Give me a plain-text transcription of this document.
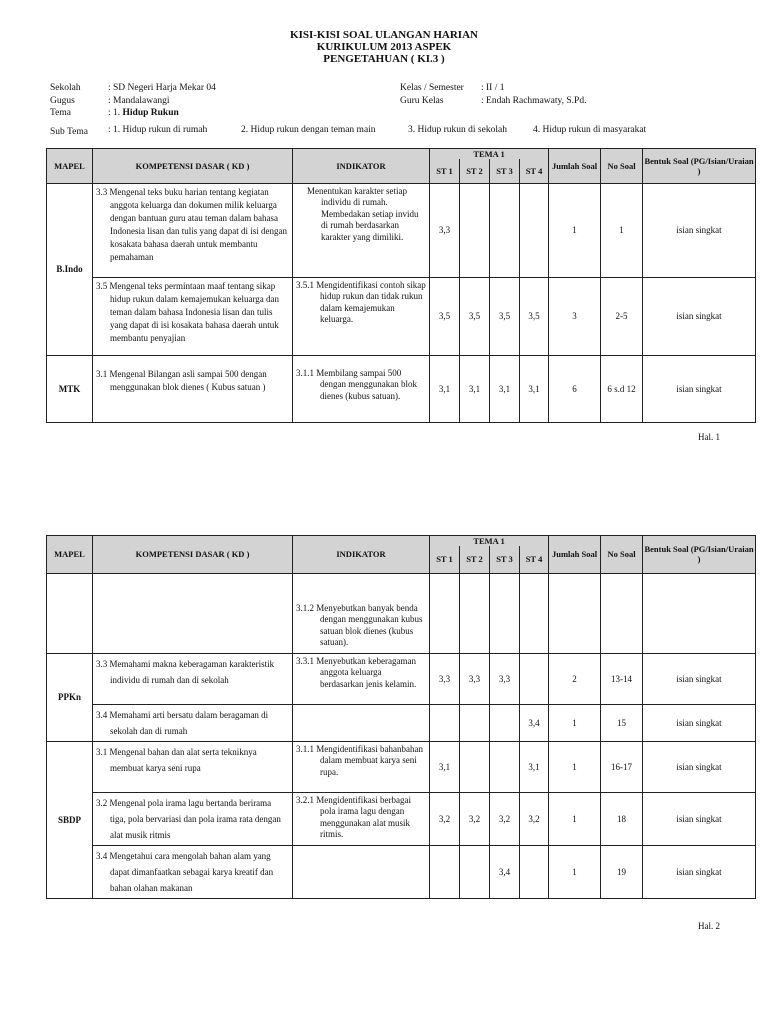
KISI-KISI SOAL ULANGAN HARIAN
KURIKULUM 2013 ASPEK
PENGETAHUAN ( KI.3 )
Sekolah	: SD Negeri Harja Mekar 04
Gugus	: Mandalawangi
Tema	: 1. Hidup Rukun
Kelas / Semester : II / 1
Guru Kelas	: Endah Rachmawaty, S.Pd.
Sub Tema : 1. Hidup rukun di rumah	2. Hidup rukun dengan teman main	3. Hidup rukun di sekolah	4. Hidup rukun di masyarakat
MAPEL	KOMPETENSI DASAR ( KD )	INDIKATOR	TEMA 1				Jumlah Soal	No Soal	Bentuk Soal (PG/Isian/Uraian )
			ST 1	ST 2	ST 3	ST 4			
B.Indo	3.3 Mengenal teks buku harian tentang kegiatan anggota keluarga dan dokumen milik keluarga dengan bantuan guru atau teman dalam bahasa Indonesia lisan dan tulis yang dapat di isi dengan kosakata bahasa daerah untuk membantu pemahaman	Menentukan karakter setiap individu di rumah. Membedakan setiap invidu di rumah berdasarkan karakter yang dimiliki.	3,3				1	1	isian singkat

	3.5 Mengenal teks permintaan maaf tentang sikap hidup rukun dalam kemajemukan keluarga dan teman dalam bahasa Indonesia lisan dan tulis yang dapat di isi kosakata bahasa daerah untuk membantu penyajian	3.5.1 Mengidentifikasi contoh sikap hidup rukun dan tidak rukun dalam kemajemukan keluarga.	3,5	3,5	3,5	3,5	3	2-5	isian singkat
MTK	3.1 Mengenal Bilangan asli sampai 500 dengan menggunakan blok dienes ( Kubus satuan )	3.1.1 Membilang sampai 500 dengan menggunakan blok dienes (kubus satuan).	3,1	3,1	3,1	3,1	6	6 s.d 12	isian singkat
Hal. 1
MAPEL	KOMPETENSI DASAR ( KD )	INDIKATOR	TEMA 1				Jumlah Soal	No Soal	Bentuk Soal (PG/Isian/Uraian )
			ST 1	ST 2	ST 3	ST 4			

		3.1.2 Menyebutkan banyak benda dengan menggunakan kubus satuan blok dienes (kubus satuan).							

PPKn	3.3 Memahami makna keberagaman karakteristik individu di rumah dan di sekolah	3.3.1 Menyebutkan keberagaman anggota keluarga berdasarkan jenis kelamin.	3,3	3,3	3,3		2	13-14	isian singkat

	3.4 Memahami arti bersatu dalam beragaman di sekolah dan di rumah					3,4	1	15	isian singkat
SBDP	3.1 Mengenal bahan dan alat serta tekniknya membuat karya seni rupa	3.1.1 Mengidentifikasi bahanbahan dalam membuat karya seni rupa.	3,1			3,1	1	16-17	isian singkat

	3.2 Mengenal pola irama lagu bertanda berirama tiga, pola bervariasi dan pola irama rata dengan alat musik ritmis	3.2.1 Mengidentifikasi berbagai pola irama lagu dengan menggunakan alat musik ritmis.	3,2	3,2	3,2	3,2	1	18	isian singkat

	3.4 Mengetahui cara mengolah bahan alam yang dapat dimanfaatkan sebagai karya kreatif dan bahan olahan makanan				3,4		1	19	isian singkat
Hal. 2
